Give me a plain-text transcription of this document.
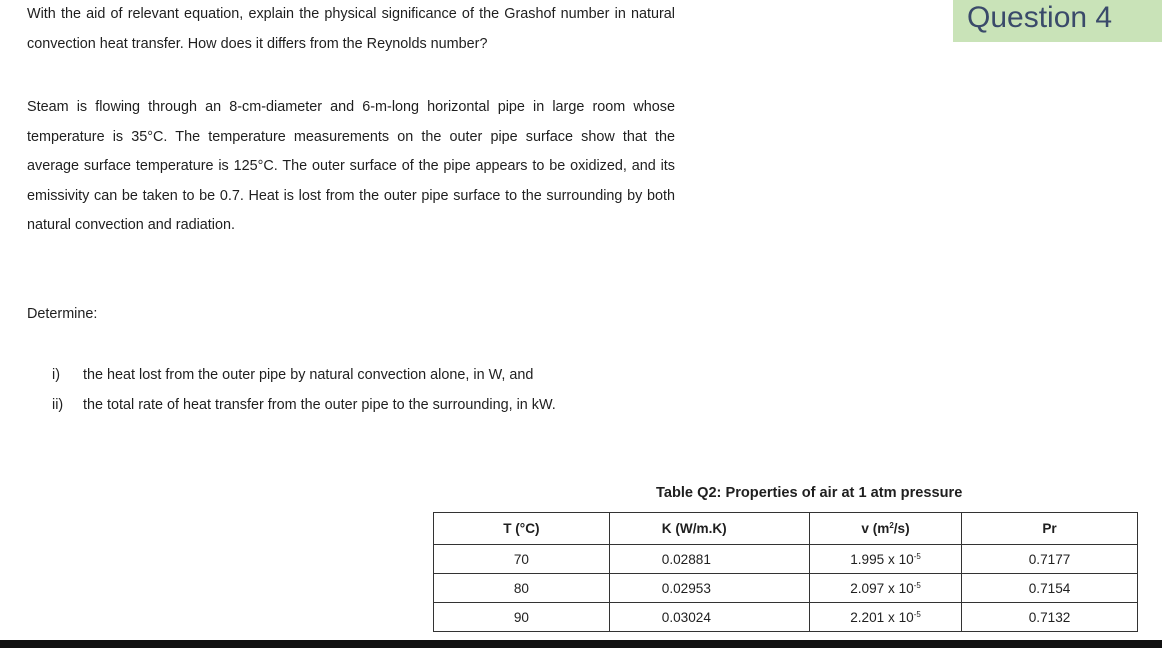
Question 4

With the aid of relevant equation, explain the physical significance of the Grashof number in natural convection heat transfer. How does it differs from the Reynolds number?

Steam is flowing through an 8-cm-diameter and 6-m-long horizontal pipe in large room whose temperature is 35°C. The temperature measurements on the outer pipe surface show that the average surface temperature is 125°C. The outer surface of the pipe appears to be oxidized, and its emissivity can be taken to be 0.7. Heat is lost from the outer pipe surface to the surrounding by both natural convection and radiation.

Determine:
i) the heat lost from the outer pipe by natural convection alone, in W, and
ii) the total rate of heat transfer from the outer pipe to the surrounding, in kW.
Table Q2: Properties of air at 1 atm pressure
T (°C)	K (W/m.K)	v $(m^2/s)$	Pr
70	0.02881	1.995 x $10^{-5}$	0.7177
80	0.02953	2.097 x $10^{-5}$	0.7154
90	0.03024	2.201 x $10^{-5}$	0.7132
